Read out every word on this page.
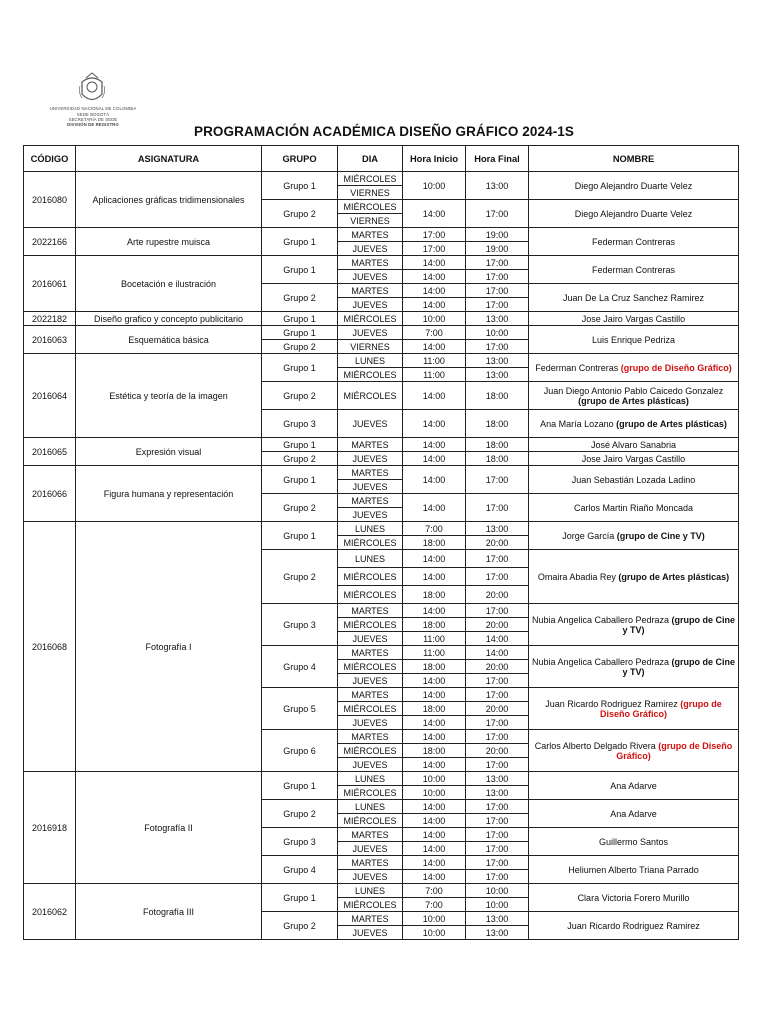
UNIVERSIDAD NACIONAL DE COLOMBIA
SEDE BOGOTÁ
SECRETARÍA DE SEDE
DIVISIÓN DE REGISTRO	PROGRAMACIÓN ACADÉMICA DISEÑO GRÁFICO 2024-1S
CÓDIGO	ASIGNATURA	GRUPO	DIA	Hora Inicio	Hora Final	NOMBRE
2016080	Aplicaciones gráficas tridimensionales	Grupo 1	MIÉRCOLES	10:00	13:00	Diego Alejandro Duarte Velez
			VIERNES			
		Grupo 2	MIÉRCOLES	14:00	17:00	Diego Alejandro Duarte Velez
			VIERNES			
2022166	Arte rupestre muisca	Grupo 1	MARTES	17:00	19:00	Federman Contreras
			JUEVES	17:00	19:00	
2016061	Bocetación e ilustración	Grupo 1	MARTES	14:00	17:00	Federman Contreras
			JUEVES	14:00	17:00	
		Grupo 2	MARTES	14:00	17:00	Juan De La Cruz Sanchez Ramirez
			JUEVES	14:00	17:00	
2022182	Diseño grafico y concepto publicitario	Grupo 1	MIÉRCOLES	10:00	13:00	Jose Jairo Vargas Castillo
2016063	Esquemática básica	Grupo 1	JUEVES	7:00	10:00	Luis Enrique Pedriza
		Grupo 2	VIERNES	14:00	17:00	
2016064	Estética y teoría de la imagen	Grupo 1	LUNES	11:00	13:00	Federman Contreras (grupo de Diseño Gráfico)
			MIÉRCOLES	11:00	13:00	
		Grupo 2	MIÉRCOLES	14:00	18:00	Juan Diego Antonio Pablo Caicedo Gonzalez (grupo de Artes plásticas)
		Grupo 3	JUEVES	14:00	18:00	Ana María Lozano (grupo de Artes plásticas)
2016065	Expresión visual	Grupo 1	MARTES	14:00	18:00	José Alvaro Sanabria
		Grupo 2	JUEVES	14:00	18:00	Jose Jairo Vargas Castillo
2016066	Figura humana y representación	Grupo 1	MARTES	14:00	17:00	Juan Sebastián Lozada Ladino
			JUEVES			
		Grupo 2	MARTES	14:00	17:00	Carlos Martin Riaño Moncada
			JUEVES			
2016068	Fotografía I	Grupo 1	LUNES	7:00	13:00	Jorge García (grupo de Cine y TV)
			MIÉRCOLES	18:00	20:00	
		Grupo 2	LUNES	14:00	17:00	Omaira Abadia Rey (grupo de Artes plásticas)
			MIÉRCOLES	14:00	17:00	
			MIÉRCOLES	18:00	20:00	
		Grupo 3	MARTES	14:00	17:00	Nubia Angelica Caballero Pedraza (grupo de Cine y TV)
			MIÉRCOLES	18:00	20:00	
			JUEVES	11:00	14:00	
		Grupo 4	MARTES	11:00	14:00	Nubia Angelica Caballero Pedraza (grupo de Cine y TV)
			MIÉRCOLES	18:00	20:00	
			JUEVES	14:00	17:00	
		Grupo 5	MARTES	14:00	17:00	Juan Ricardo Rodriguez Ramirez (grupo de Diseño Gráfico)
			MIÉRCOLES	18:00	20:00	
			JUEVES	14:00	17:00	
		Grupo 6	MARTES	14:00	17:00	Carlos Alberto Delgado Rivera (grupo de Diseño Gráfico)
			MIÉRCOLES	18:00	20:00	
			JUEVES	14:00	17:00	
2016918	Fotografía II	Grupo 1	LUNES	10:00	13:00	Ana Adarve
			MIÉRCOLES	10:00	13:00	
		Grupo 2	LUNES	14:00	17:00	Ana Adarve
			MIÉRCOLES	14:00	17:00	
		Grupo 3	MARTES	14:00	17:00	Guillermo Santos
			JUEVES	14:00	17:00	
		Grupo 4	MARTES	14:00	17:00	Heliumen Alberto Triana Parrado
			JUEVES	14:00	17:00	
2016062	Fotografía III	Grupo 1	LUNES	7:00	10:00	Clara Victoria Forero Murillo
			MIÉRCOLES	7:00	10:00	
		Grupo 2	MARTES	10:00	13:00	Juan Ricardo Rodriguez Ramirez
			JUEVES	10:00	13:00	
